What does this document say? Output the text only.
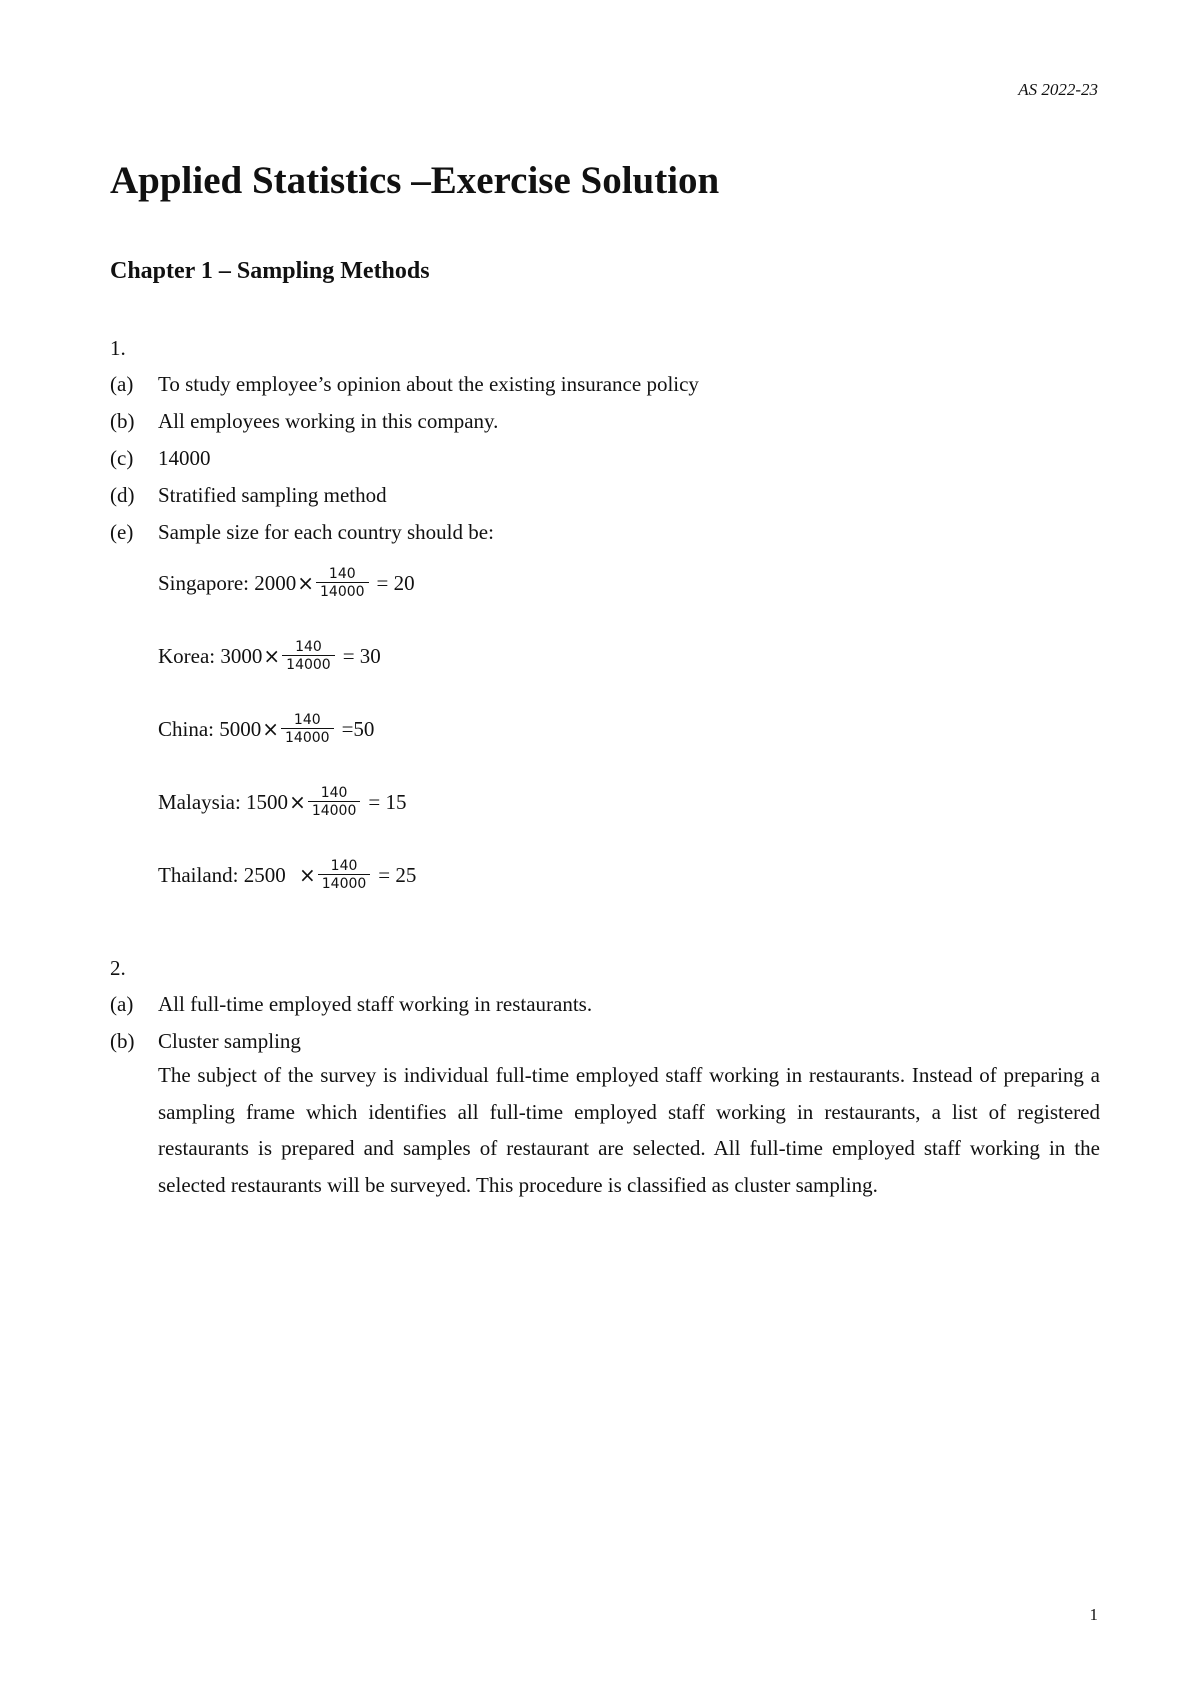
AS 2022-23
Applied Statistics –Exercise Solution
Chapter 1 – Sampling Methods
1.
(a) To study employee’s opinion about the existing insurance policy
(b) All employees working in this company.
(c) 14000
(d) Stratified sampling method
(e) Sample size for each country should be:
Singapore: $2000 \times \frac{140}{14000} = 20$
Korea: $3000 \times \frac{140}{14000} = 30$
China: $5000 \times \frac{140}{14000} =50$
Malaysia: $1500 \times \frac{140}{14000} = 15$
Thailand: $2500 \times \frac{140}{14000} = 25$
2.
(a) All full-time employed staff working in restaurants.
(b) Cluster sampling

The subject of the survey is individual full-time employed staff working in restaurants. Instead of preparing a sampling frame which identifies all full-time employed staff working in restaurants, a list of registered restaurants is prepared and samples of restaurant are selected. All full-time employed staff working in the selected restaurants will be surveyed. This procedure is classified as cluster sampling.

1
